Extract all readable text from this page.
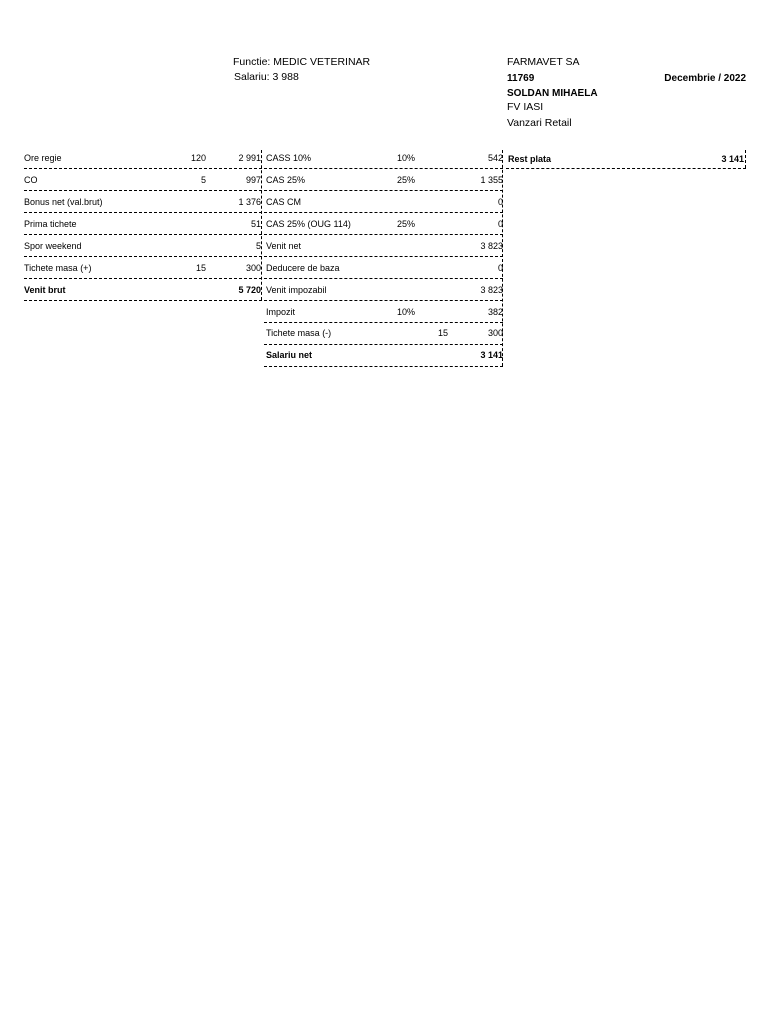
Functie: MEDIC VETERINAR
Salariu: 3 988
FARMAVET SA
11769	Decembrie / 2022
SOLDAN MIHAELA
FV IASI
Vanzari Retail
Ore regie	120	2 991
CO	5	997
Bonus net (val.brut)	1 376
Prima tichete	51
Spor weekend	5
Tichete masa (+)	15	300
Venit brut	5 720
CASS 10%	10%	542
CAS 25%	25%	1 355
CAS CM	0
CAS 25% (OUG 114)	25%	0
Venit net	3 823
Deducere de baza	0
Venit impozabil	3 823
Impozit	10%	382
Tichete masa (-)	15	300
Salariu net	3 141
Rest plata	3 141
